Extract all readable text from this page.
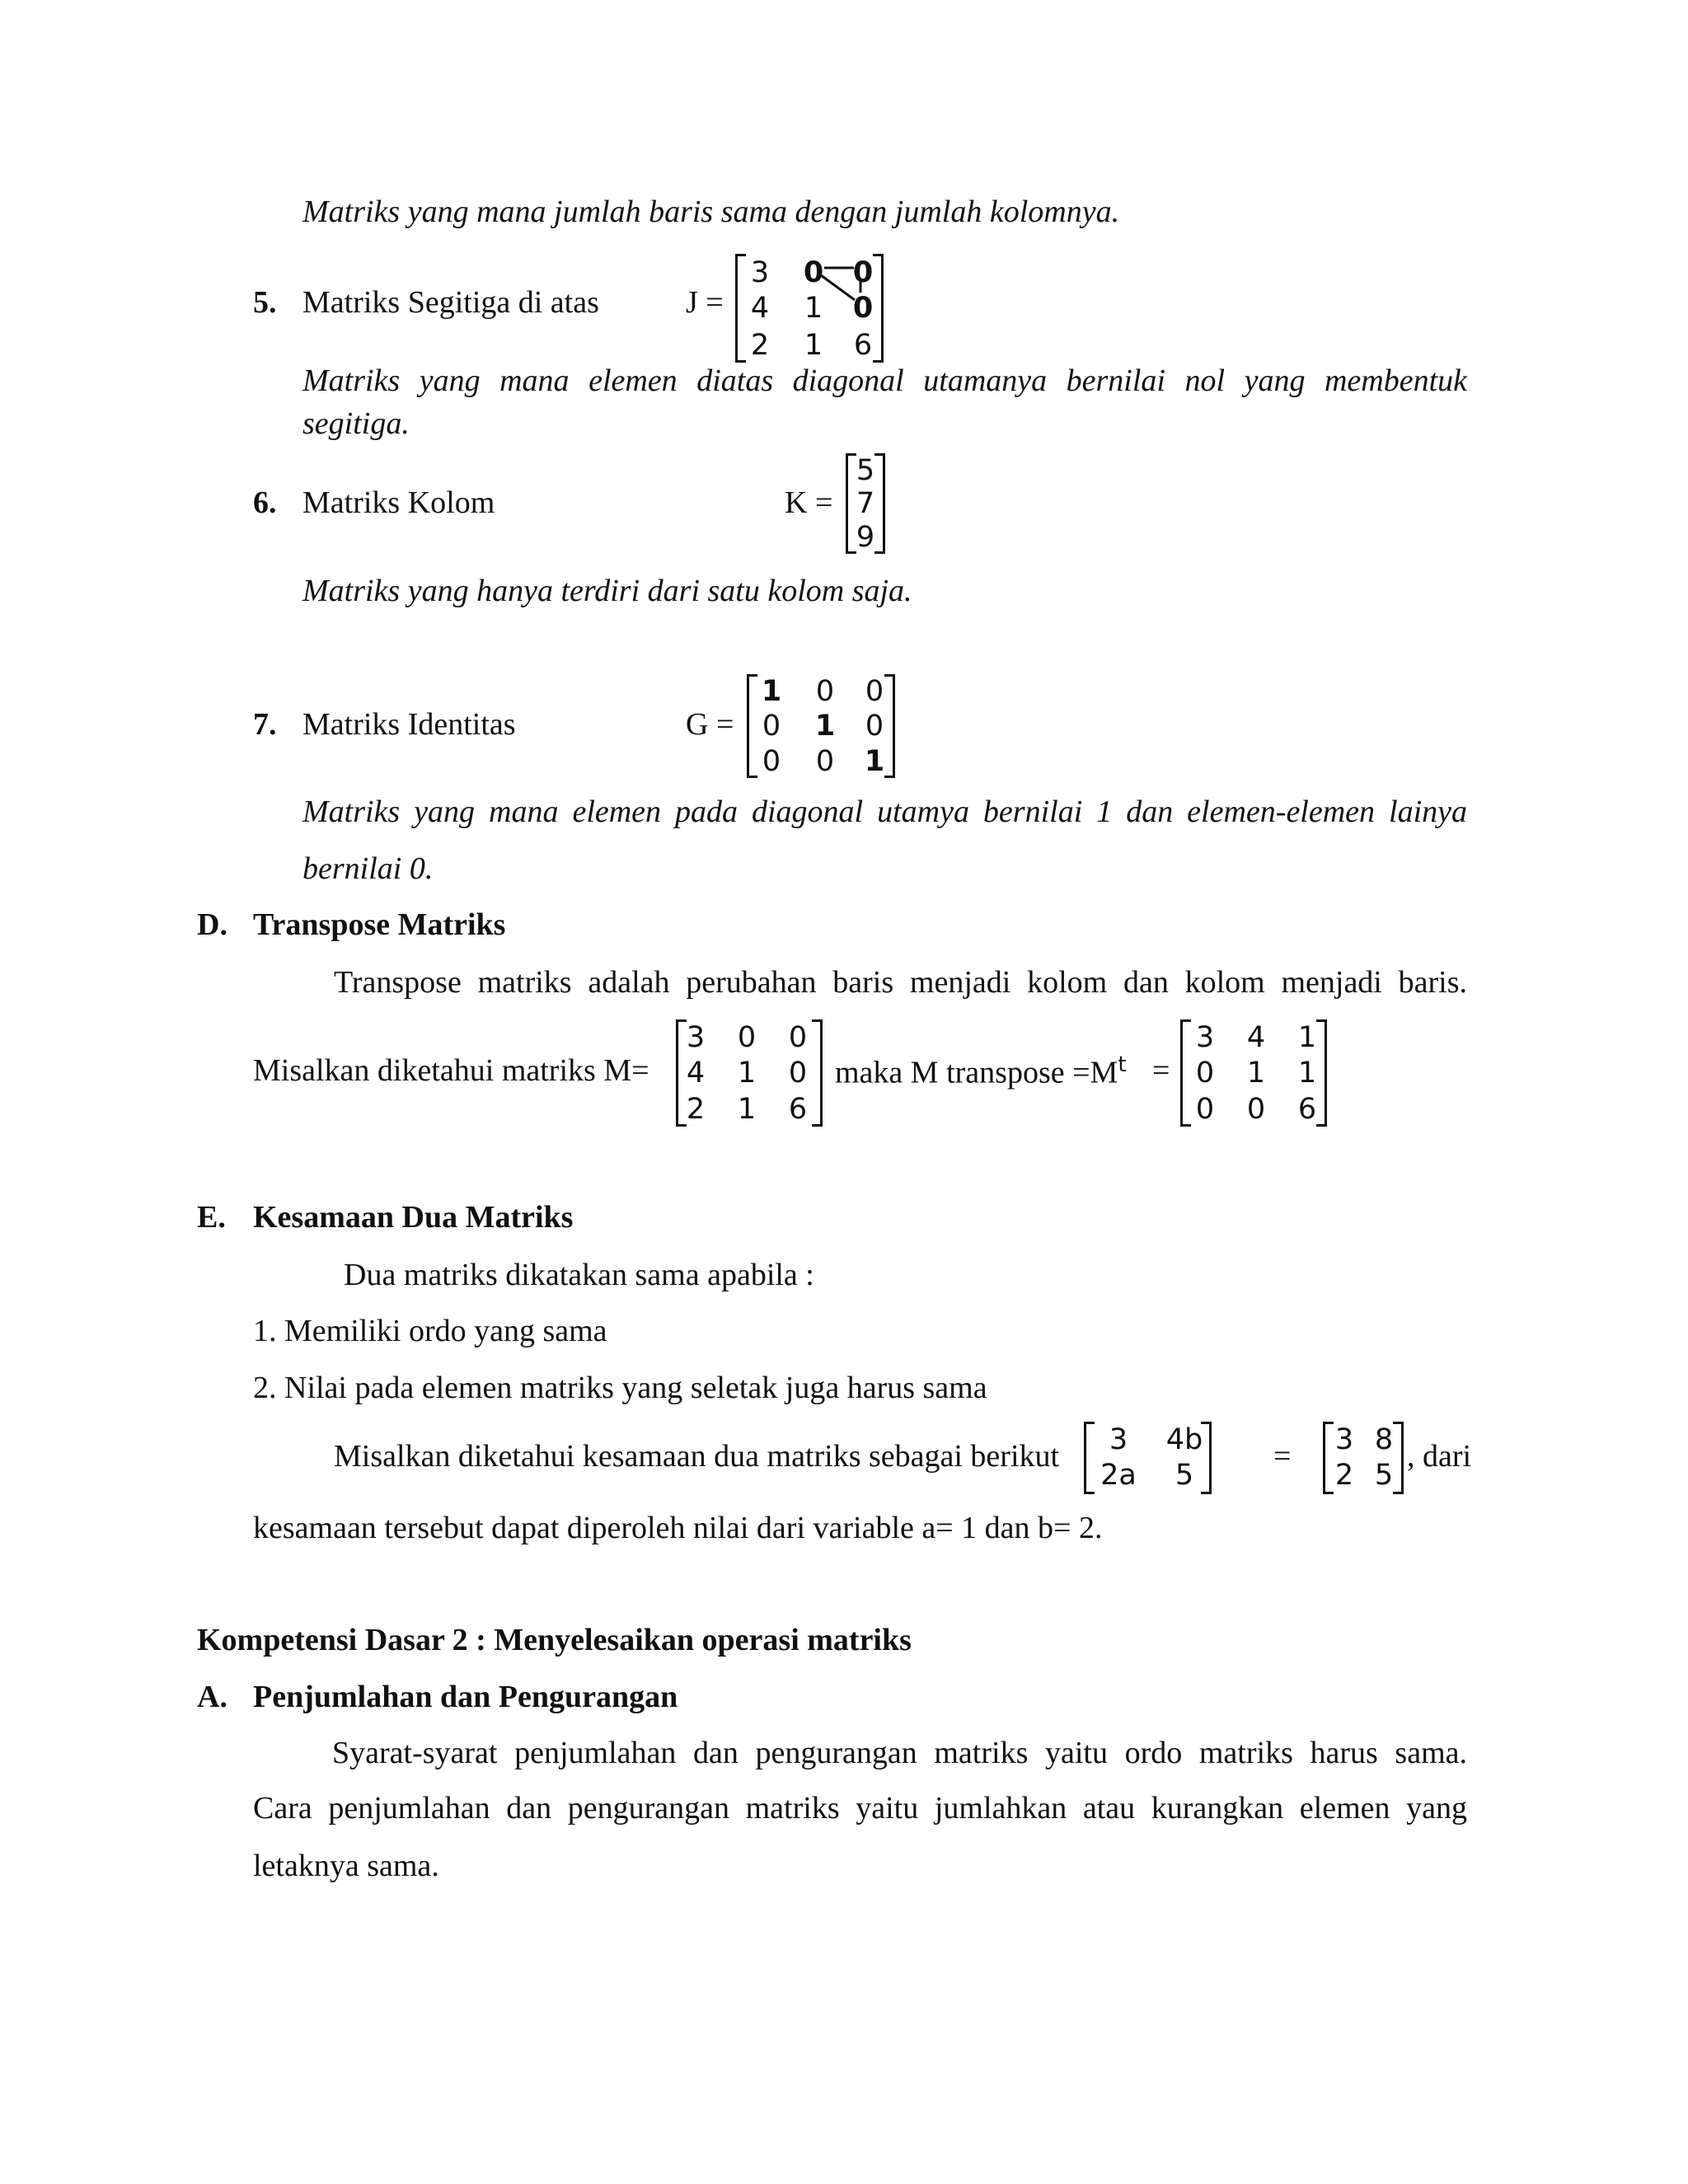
Matriks yang mana jumlah baris sama dengan jumlah kolomnya.
5. Matriks Segitiga di atas	J =
3 0 0
4 1 0
2 1 6
Matriks yang mana elemen diatas diagonal utamanya bernilai nol yang membentuk
segitiga.
6. Matriks Kolom	K =
5
7
9
Matriks yang hanya terdiri dari satu kolom saja.
7. Matriks Identitas	G =
1 0 0
0 1 0
0 0 1
Matriks yang mana elemen pada diagonal utamya bernilai 1 dan elemen-elemen lainya
bernilai 0.
D. Transpose Matriks
Transpose matriks adalah perubahan baris menjadi kolom dan kolom menjadi baris.
Misalkan diketahui matriks M=
3 0 0
4 1 0
2 1 6
maka M transpose $=M^t$ =
3 4 1
0 1 1
0 0 6
E. Kesamaan Dua Matriks
Dua matriks dikatakan sama apabila :
1. Memiliki ordo yang sama
2. Nilai pada elemen matriks yang seletak juga harus sama
Misalkan diketahui kesamaan dua matriks sebagai berikut 3 4b
2a 5
= 3 8
2 5
, dari
kesamaan tersebut dapat diperoleh nilai dari variable a= 1 dan b= 2.
Kompetensi Dasar 2 : Menyelesaikan operasi matriks
A. Penjumlahan dan Pengurangan
Syarat-syarat penjumlahan dan pengurangan matriks yaitu ordo matriks harus sama.
Cara penjumlahan dan pengurangan matriks yaitu jumlahkan atau kurangkan elemen yang
letaknya sama.
